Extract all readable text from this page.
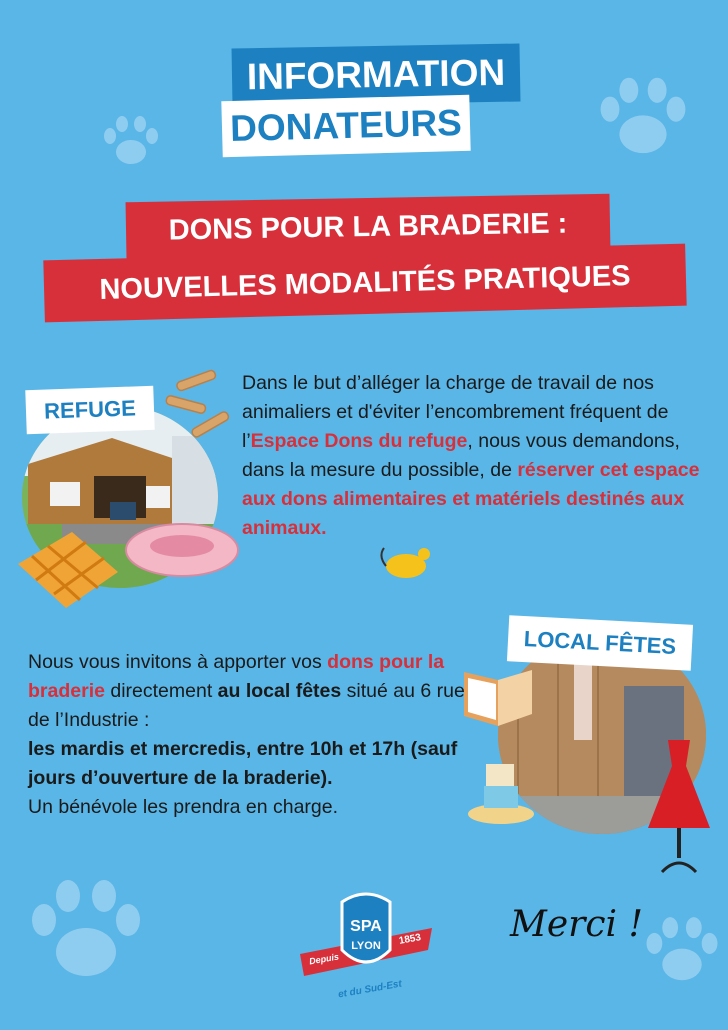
INFORMATION
DONATEURS
DONS POUR LA BRADERIE :
NOUVELLES MODALITÉS PRATIQUES
REFUGE

Dans le but d’alléger la charge de travail de nos animaliers et d'éviter l’encombrement fréquent de l’Espace Dons du refuge, nous vous demandons, dans la mesure du possible, de réserver cet espace aux dons alimentaires et matériels destinés aux animaux.

LOCAL FÊTES

Nous vous invitons à apporter vos dons pour la braderie directement au local fêtes situé au 6 rue de l’Industrie :
les mardis et mercredis, entre 10h et 17h (sauf jours d’ouverture de la braderie).
Un bénévole les prendra en charge.

SPA
LYON
Depuis
1853
et du Sud-Est
Merci !
